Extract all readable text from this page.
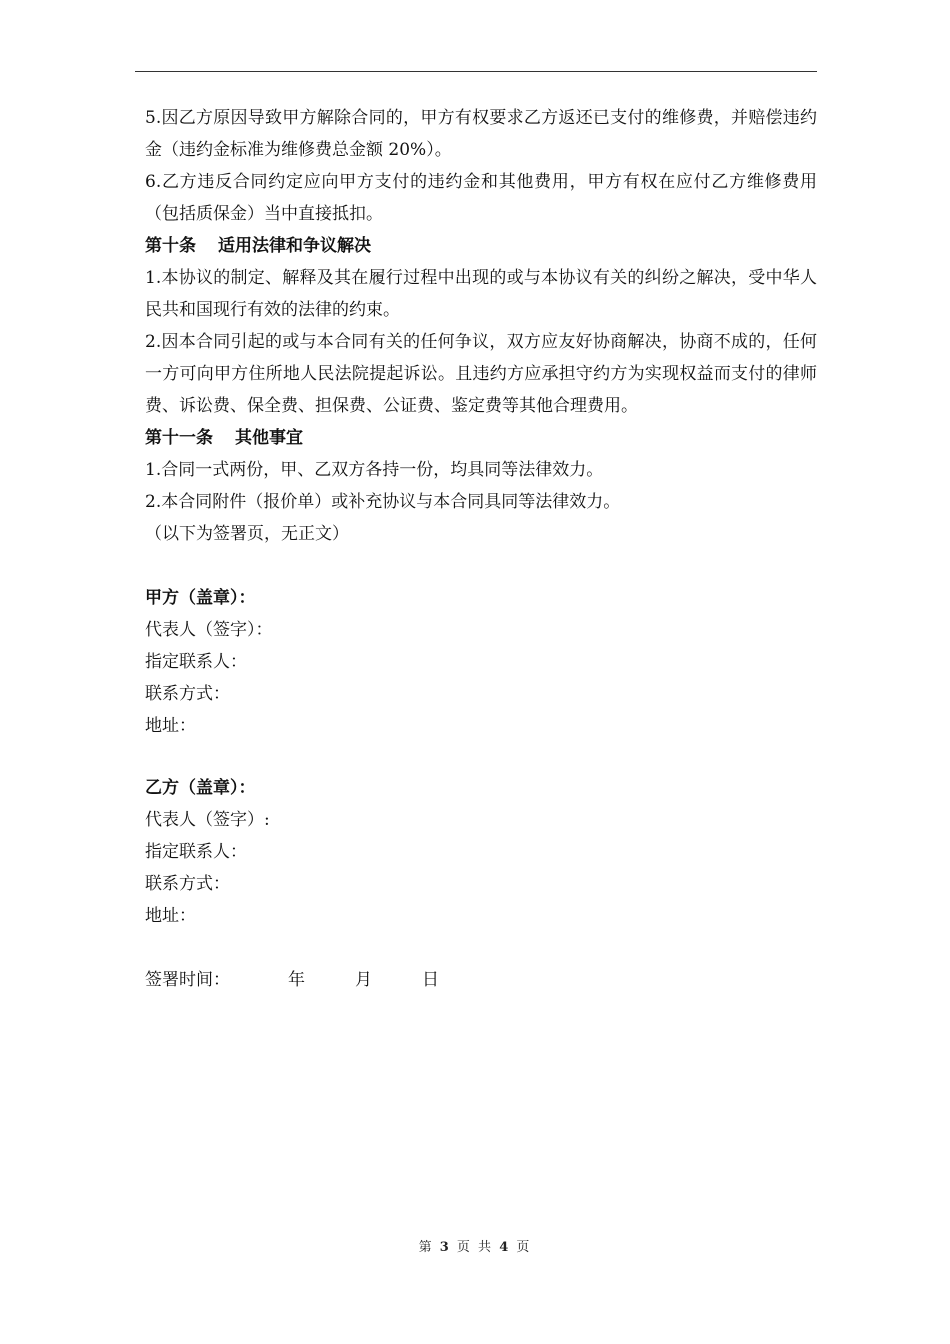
5.因乙方原因导致甲方解除合同的，甲方有权要求乙方返还已支付的维修费，并赔偿违约金（违约金标准为维修费总金额 20%）。

6.乙方违反合同约定应向甲方支付的违约金和其他费用，甲方有权在应付乙方维修费用（包括质保金）当中直接抵扣。

第十条 适用法律和争议解决

1.本协议的制定、解释及其在履行过程中出现的或与本协议有关的纠纷之解决，受中华人民共和国现行有效的法律的约束。

2.因本合同引起的或与本合同有关的任何争议，双方应友好协商解决，协商不成的，任何一方可向甲方住所地人民法院提起诉讼。且违约方应承担守约方为实现权益而支付的律师费、诉讼费、保全费、担保费、公证费、鉴定费等其他合理费用。

第十一条 其他事宜

1.合同一式两份，甲、乙双方各持一份，均具同等法律效力。

2.本合同附件（报价单）或补充协议与本合同具同等法律效力。

（以下为签署页，无正文）

甲方（盖章）：

代表人（签字）：

指定联系人：

联系方式：

地址：

乙方（盖章）：

代表人（签字）:

指定联系人：

联系方式：

地址：

签署时间：	年	月	日

第 3 页 共 4 页
